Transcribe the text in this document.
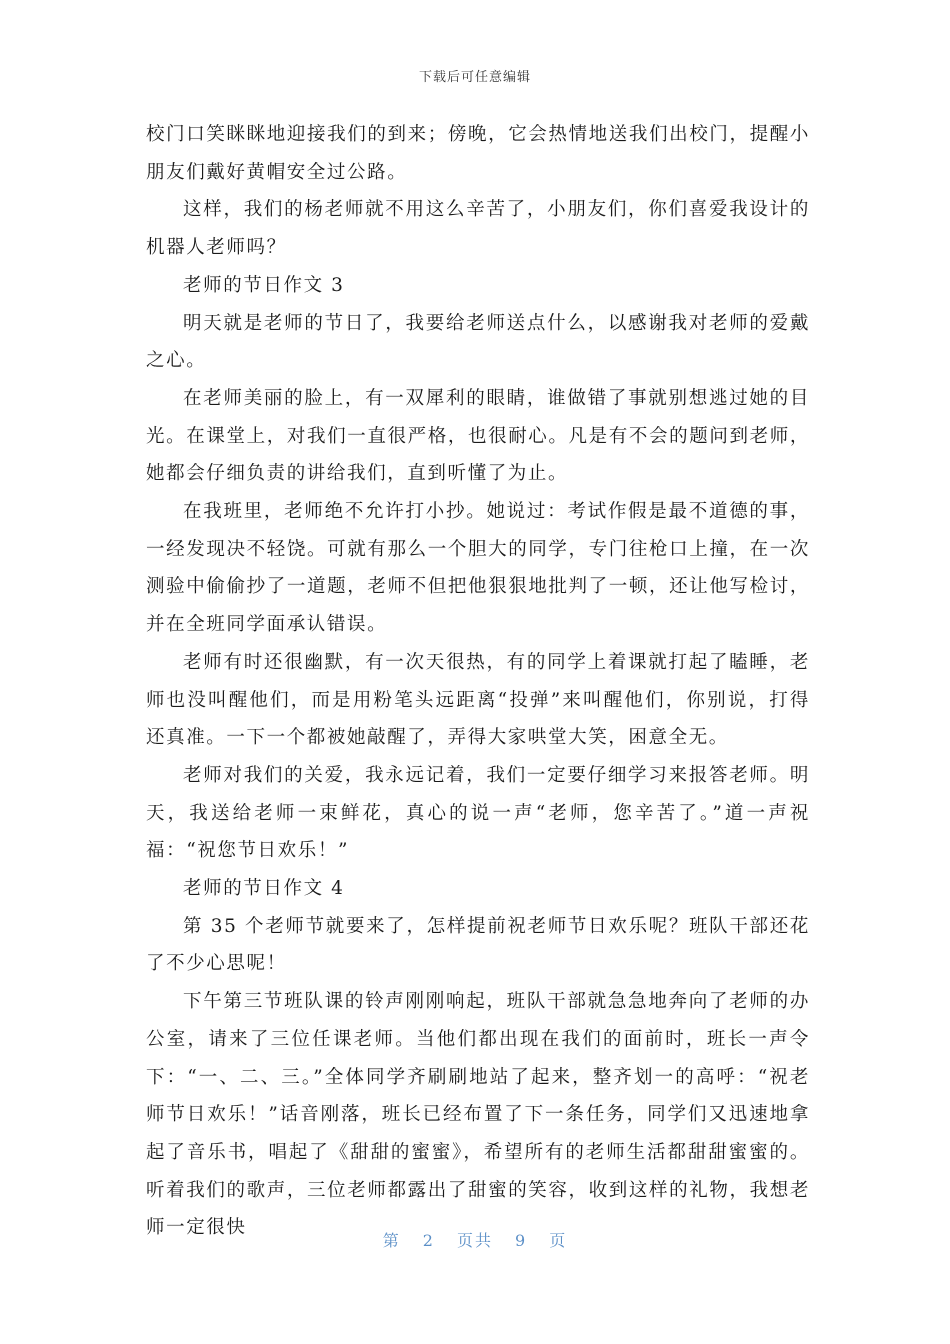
下载后可任意编辑

校门口笑眯眯地迎接我们的到来；傍晚，它会热情地送我们出校门，提醒小朋友们戴好黄帽安全过公路。

这样，我们的杨老师就不用这么辛苦了，小朋友们，你们喜爱我设计的机器人老师吗？

老师的节日作文 3

明天就是老师的节日了，我要给老师送点什么，以感谢我对老师的爱戴之心。

在老师美丽的脸上，有一双犀利的眼睛，谁做错了事就别想逃过她的目光。在课堂上，对我们一直很严格，也很耐心。凡是有不会的题问到老师，她都会仔细负责的讲给我们，直到听懂了为止。

在我班里，老师绝不允许打小抄。她说过：考试作假是最不道德的事，一经发现决不轻饶。可就有那么一个胆大的同学，专门往枪口上撞，在一次测验中偷偷抄了一道题，老师不但把他狠狠地批判了一顿，还让他写检讨，并在全班同学面承认错误。

老师有时还很幽默，有一次天很热，有的同学上着课就打起了瞌睡，老师也没叫醒他们，而是用粉笔头远距离“投弹”来叫醒他们，你别说，打得还真准。一下一个都被她敲醒了，弄得大家哄堂大笑，困意全无。

老师对我们的关爱，我永远记着，我们一定要仔细学习来报答老师。明天，我送给老师一束鲜花，真心的说一声“老师，您辛苦了。”道一声祝福：“祝您节日欢乐！”

老师的节日作文 4

第 35 个老师节就要来了，怎样提前祝老师节日欢乐呢？班队干部还花了不少心思呢！

下午第三节班队课的铃声刚刚响起，班队干部就急急地奔向了老师的办公室，请来了三位任课老师。当他们都出现在我们的面前时，班长一声令下：“一、二、三。”全体同学齐刷刷地站了起来，整齐划一的高呼：“祝老师节日欢乐！”话音刚落，班长已经布置了下一条任务，同学们又迅速地拿起了音乐书，唱起了《甜甜的蜜蜜》，希望所有的老师生活都甜甜蜜蜜的。听着我们的歌声，三位老师都露出了甜蜜的笑容，收到这样的礼物，我想老师一定很快

第 2 页共 9 页
